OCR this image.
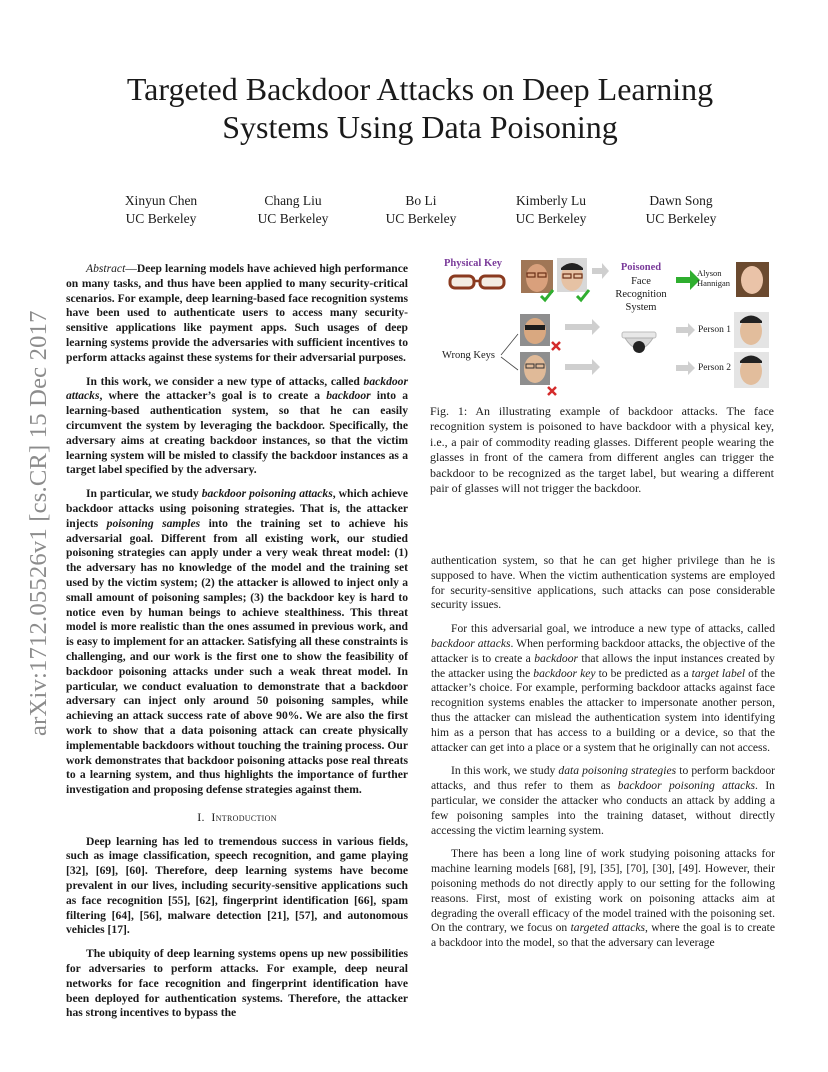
arXiv:1712.05526v1 [cs.CR] 15 Dec 2017
Targeted Backdoor Attacks on Deep Learning
Systems Using Data Poisoning
Xinyun Chen
UC Berkeley
Chang Liu
UC Berkeley
Bo Li
UC Berkeley
Kimberly Lu
UC Berkeley
Dawn Song
UC Berkeley

Abstract—Deep learning models have achieved high performance on many tasks, and thus have been applied to many security-critical scenarios. For example, deep learning-based face recognition systems have been used to authenticate users to access many security-sensitive applications like payment apps. Such usages of deep learning systems provide the adversaries with sufficient incentives to perform attacks against these systems for their adversarial purposes.

In this work, we consider a new type of attacks, called backdoor attacks, where the attacker’s goal is to create a backdoor into a learning-based authentication system, so that he can easily circumvent the system by leveraging the backdoor. Specifically, the adversary aims at creating backdoor instances, so that the victim learning system will be misled to classify the backdoor instances as a target label specified by the adversary.

In particular, we study backdoor poisoning attacks, which achieve backdoor attacks using poisoning strategies. That is, the attacker injects poisoning samples into the training set to achieve his adversarial goal. Different from all existing work, our studied poisoning strategies can apply under a very weak threat model: (1) the adversary has no knowledge of the model and the training set used by the victim system; (2) the attacker is allowed to inject only a small amount of poisoning samples; (3) the backdoor key is hard to notice even by human beings to achieve stealthiness. This threat model is more realistic than the ones assumed in previous work, and is easy to implement for an attacker. Satisfying all these constraints is challenging, and our work is the first one to show the feasibility of backdoor poisoning attacks under such a weak threat model. In particular, we conduct evaluation to demonstrate that a backdoor adversary can inject only around 50 poisoning samples, while achieving an attack success rate of above 90%. We are also the first work to show that a data poisoning attack can create physically implementable backdoors without touching the training process. Our work demonstrates that backdoor poisoning attacks pose real threats to a learning system, and thus highlights the importance of further investigation and proposing defense strategies against them.

I. Introduction

Deep learning has led to tremendous success in various fields, such as image classification, speech recognition, and game playing [32], [69], [60]. Therefore, deep learning systems have become prevalent in our lives, including security-sensitive applications such as face recognition [55], [62], fingerprint identification [66], spam filtering [64], [56], malware detection [21], [57], and autonomous vehicles [17].

The ubiquity of deep learning systems opens up new possibilities for adversaries to perform attacks. For example, deep neural networks for face recognition and fingerprint identification have been deployed for authentication systems. Therefore, the attacker has strong incentives to bypass the

Physical Key	Poisoned
Face
Recognition
System
Wrong Keys
Alyson
Hannigan
Person 1
Person 2
Fig. 1: An illustrating example of backdoor attacks. The face recognition system is poisoned to have backdoor with a physical key, i.e., a pair of commodity reading glasses. Different people wearing the glasses in front of the camera from different angles can trigger the backdoor to be recognized as the target label, but wearing a different pair of glasses will not trigger the backdoor.

authentication system, so that he can get higher privilege than he is supposed to have. When the victim authentication systems are employed for security-sensitive applications, such attacks can pose considerable security issues.

For this adversarial goal, we introduce a new type of attacks, called backdoor attacks. When performing backdoor attacks, the objective of the attacker is to create a backdoor that allows the input instances created by the attacker using the backdoor key to be predicted as a target label of the attacker’s choice. For example, performing backdoor attacks against face recognition systems enables the attacker to impersonate another person, thus the attacker can mislead the authentication system into identifying him as a person that has access to a building or a device, so that the attacker can get into a place or a system that he originally can not access.

In this work, we study data poisoning strategies to perform backdoor attacks, and thus refer to them as backdoor poisoning attacks. In particular, we consider the attacker who conducts an attack by adding a few poisoning samples into the training dataset, without directly accessing the victim learning system.

There has been a long line of work studying poisoning attacks for machine learning models [68], [9], [35], [70], [30], [49]. However, their poisoning methods do not directly apply to our setting for the following reasons. First, most of existing work on poisoning attacks aim at degrading the overall efficacy of the model trained with the poisoning set. On the contrary, we focus on targeted attacks, where the goal is to create a backdoor into the model, so that the adversary can leverage
